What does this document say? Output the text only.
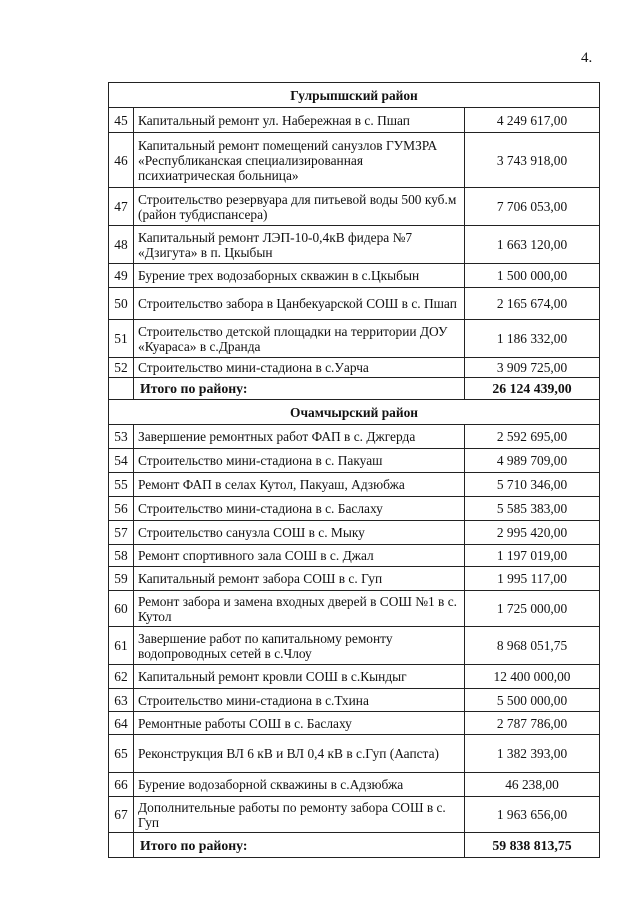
4.
Гулрыпшский район		
45	Капитальный ремонт ул. Набережная в с. Пшап	4 249 617,00
46	Капитальный ремонт помещений санузлов ГУМЗРА «Республиканская специализированная психиатрическая больница»	3 743 918,00
47	Строительство резервуара для питьевой воды 500 куб.м (район тубдиспансера)	7 706 053,00
48	Капитальный ремонт ЛЭП-10-0,4кВ фидера №7 «Дзигута» в п. Цкыбын	1 663 120,00
49	Бурение трех водозаборных скважин в с.Цкыбын	1 500 000,00
50	Строительство забора в Цанбекуарской СОШ в с. Пшап	2 165 674,00
51	Строительство детской площадки на территории ДОУ «Куараса» в с.Дранда	1 186 332,00
52	Строительство мини-стадиона в с.Уарча	3 909 725,00
	Итого по району:	26 124 439,00
Очамчырский район		
53	Завершение ремонтных работ ФАП в с. Джгерда	2 592 695,00
54	Строительство мини-стадиона в с. Пакуаш	4 989 709,00
55	Ремонт ФАП в селах Кутол, Пакуаш, Адзюбжа	5 710 346,00
56	Строительство мини-стадиона в с. Баслаху	5 585 383,00
57	Строительство санузла СОШ в с. Мыку	2 995 420,00
58	Ремонт спортивного зала СОШ в с. Джал	1 197 019,00
59	Капитальный ремонт забора СОШ в с. Гуп	1 995 117,00
60	Ремонт забора и замена входных дверей в СОШ №1 в с. Кутол	1 725 000,00
61	Завершение работ по капитальному ремонту водопроводных сетей в с.Члоу	8 968 051,75
62	Капитальный ремонт кровли СОШ в с.Кындыг	12 400 000,00
63	Строительство мини-стадиона в с.Тхина	5 500 000,00
64	Ремонтные работы СОШ в с. Баслаху	2 787 786,00
65	Реконструкция ВЛ 6 кВ и ВЛ 0,4 кВ в с.Гуп (Аапста)	1 382 393,00
66	Бурение водозаборной скважины в с.Адзюбжа	46 238,00
67	Дополнительные работы по ремонту забора СОШ в с. Гуп	1 963 656,00
	Итого по району:	59 838 813,75
